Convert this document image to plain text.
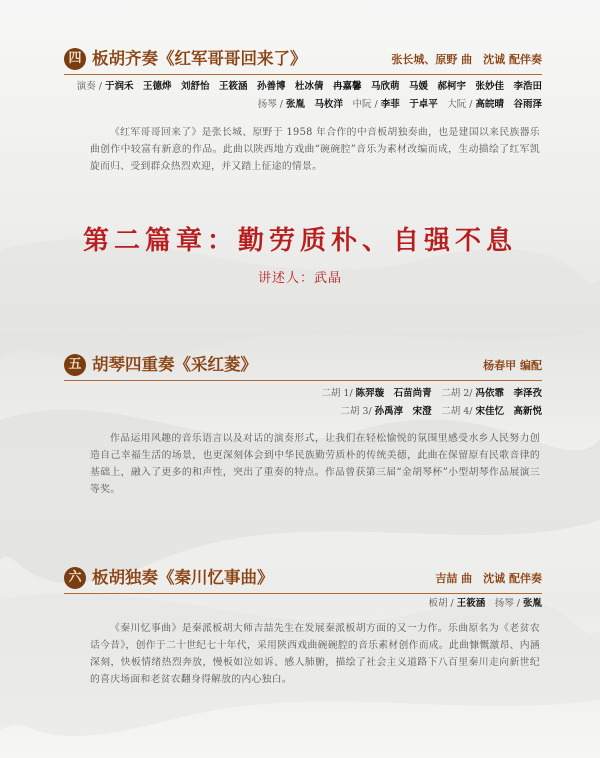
四 板胡齐奏《红军哥哥回来了》	张长城、原野 曲　沈诚 配伴奏
演奏 / 于润禾　王德烨　刘舒怡　王筱涵　孙善博　杜冰倩　冉嘉馨　马欣萌　马媛　郝柯宇　张妙佳　李浩田
扬琴 / 张胤　马枚洋　中阮 / 李菲　于卓平　大阮 / 高皖晴　谷雨泽
《红军哥哥回来了》是张长城、原野于 1958 年合作的中音板胡独奏曲，也是建国以来民族器乐曲创作中较富有新意的作品。此曲以陕西地方戏曲“碗碗腔”音乐为素材改编而成，生动描绘了红军凯旋而归、受到群众热烈欢迎，并又踏上征途的情景。
第二篇章：勤劳质朴、自强不息
讲述人：武晶
五 胡琴四重奏《采红菱》	杨春甲 编配
二胡 1/ 陈羿璇　石苗尚青　二胡 2/ 冯依霏　李泽孜
二胡 3/ 孙禹淳　宋澄　二胡 4/ 宋佳忆　高新悦
作品运用风趣的音乐语言以及对话的演奏形式，让我们在轻松愉悦的氛围里感受水乡人民努力创造自己幸福生活的场景，也更深刻体会到中华民族勤劳质朴的传统美德，此曲在保留原有民歌音律的基础上，融入了更多的和声性，突出了重奏的特点。作品曾获第三届“金胡琴杯”小型胡琴作品展演三等奖。
六 板胡独奏《秦川忆事曲》	吉喆 曲　沈诚 配伴奏
板胡 / 王筱涵　扬琴 / 张胤
《秦川忆事曲》是秦派板胡大师吉喆先生在发展秦派板胡方面的又一力作。乐曲原名为《老贫农话今昔》，创作于二十世纪七十年代，采用陕西戏曲碗碗腔的音乐素材创作而成。此曲慷慨激昂、内涵深刻，快板情绪热烈奔放，慢板如泣如诉、感人肺腑，描绘了社会主义道路下八百里秦川走向新世纪的喜庆场面和老贫农翻身得解放的内心独白。
